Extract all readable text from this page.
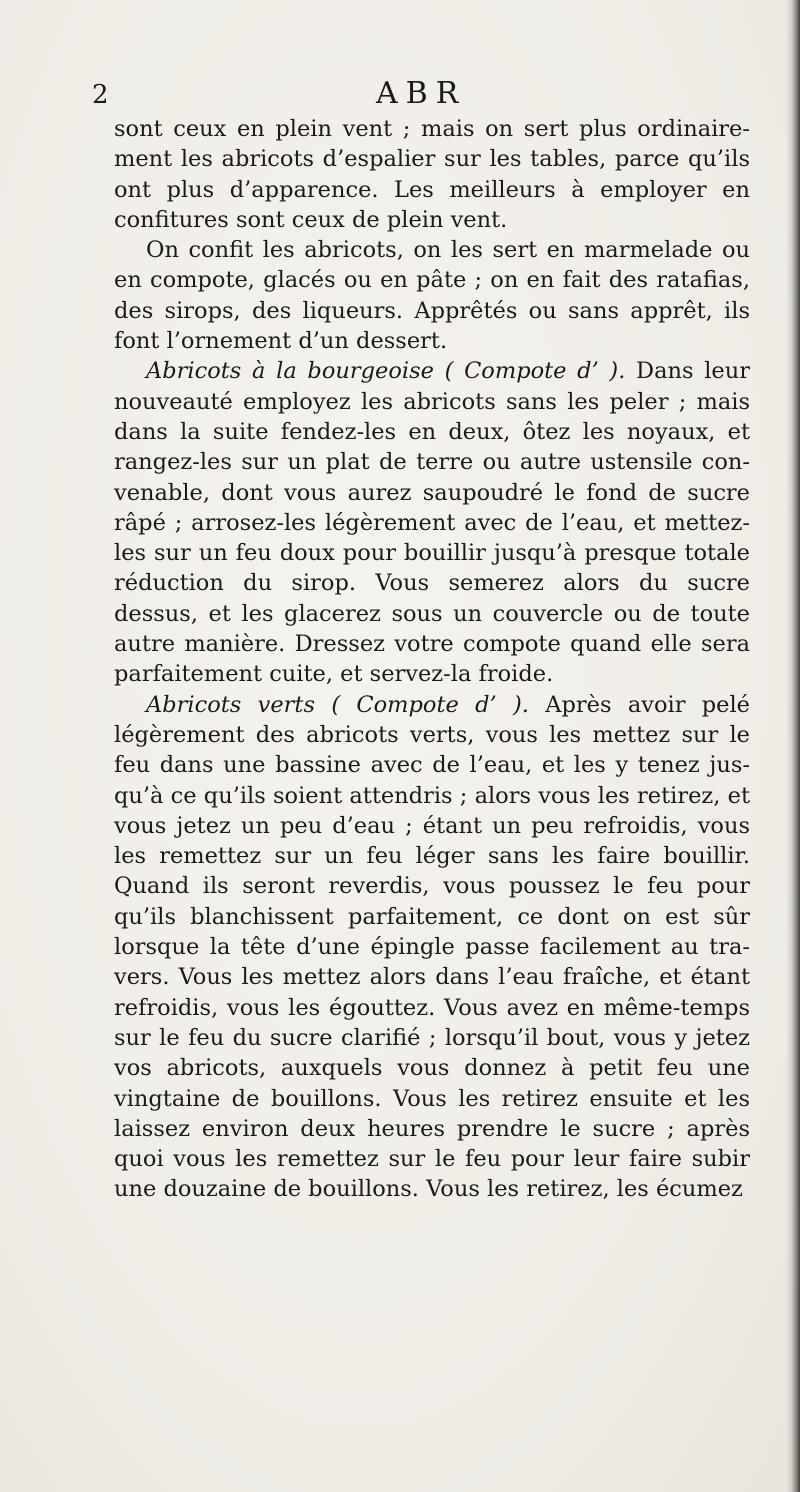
2	ABR

sont ceux en plein vent ; mais on sert plus ordinairement les abricots d’espalier sur les tables, parce qu’ils ont plus d’apparence. Les meilleurs à employer en confitures sont ceux de plein vent.

On confit les abricots, on les sert en marmelade ou en compote, glacés ou en pâte ; on en fait des ratafias, des sirops, des liqueurs. Apprêtés ou sans apprêt, ils font l’ornement d’un dessert.

Abricots à la bourgeoise ( Compote d’ ). Dans leur nouveauté employez les abricots sans les peler ; mais dans la suite fendez-les en deux, ôtez les noyaux, et rangez-les sur un plat de terre ou autre ustensile convenable, dont vous aurez saupoudré le fond de sucre râpé ; arrosez-les légèrement avec de l’eau, et mettez-les sur un feu doux pour bouillir jusqu’à presque totale réduction du sirop. Vous semerez alors du sucre dessus, et les glacerez sous un couvercle ou de toute autre manière. Dressez votre compote quand elle sera parfaitement cuite, et servez-la froide.

Abricots verts ( Compote d’ ). Après avoir pelé légèrement des abricots verts, vous les mettez sur le feu dans une bassine avec de l’eau, et les y tenez jusqu’à ce qu’ils soient attendris ; alors vous les retirez, et vous jetez un peu d’eau ; étant un peu refroidis, vous les remettez sur un feu léger sans les faire bouillir. Quand ils seront reverdis, vous poussez le feu pour qu’ils blanchissent parfaitement, ce dont on est sûr lorsque la tête d’une épingle passe facilement au travers. Vous les mettez alors dans l’eau fraîche, et étant refroidis, vous les égouttez. Vous avez en même-temps sur le feu du sucre clarifié ; lorsqu’il bout, vous y jetez vos abricots, auxquels vous donnez à petit feu une vingtaine de bouillons. Vous les retirez ensuite et les laissez environ deux heures prendre le sucre ; après quoi vous les remettez sur le feu pour leur faire subir une douzaine de bouillons. Vous les retirez, les écumez
